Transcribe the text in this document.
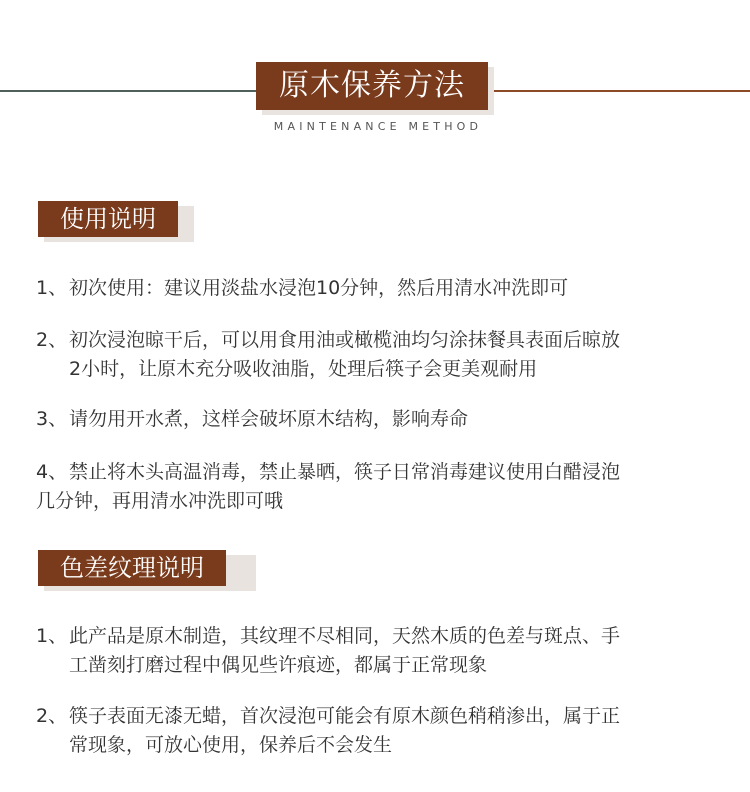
原木保养方法
MAINTENANCE METHOD
使用说明
1、 初次使用：建议用淡盐水浸泡10分钟，然后用清水冲洗即可
2、 初次浸泡晾干后，可以用食用油或橄榄油均匀涂抹餐具表面后晾放
2小时，让原木充分吸收油脂，处理后筷子会更美观耐用
3、 请勿用开水煮，这样会破坏原木结构，影响寿命
4、 禁止将木头高温消毒，禁止暴晒，筷子日常消毒建议使用白醋浸泡
几分钟，再用清水冲洗即可哦
色差纹理说明
1、 此产品是原木制造，其纹理不尽相同，天然木质的色差与斑点、手
工凿刻打磨过程中偶见些许痕迹，都属于正常现象
2、 筷子表面无漆无蜡，首次浸泡可能会有原木颜色稍稍渗出，属于正
常现象，可放心使用，保养后不会发生
